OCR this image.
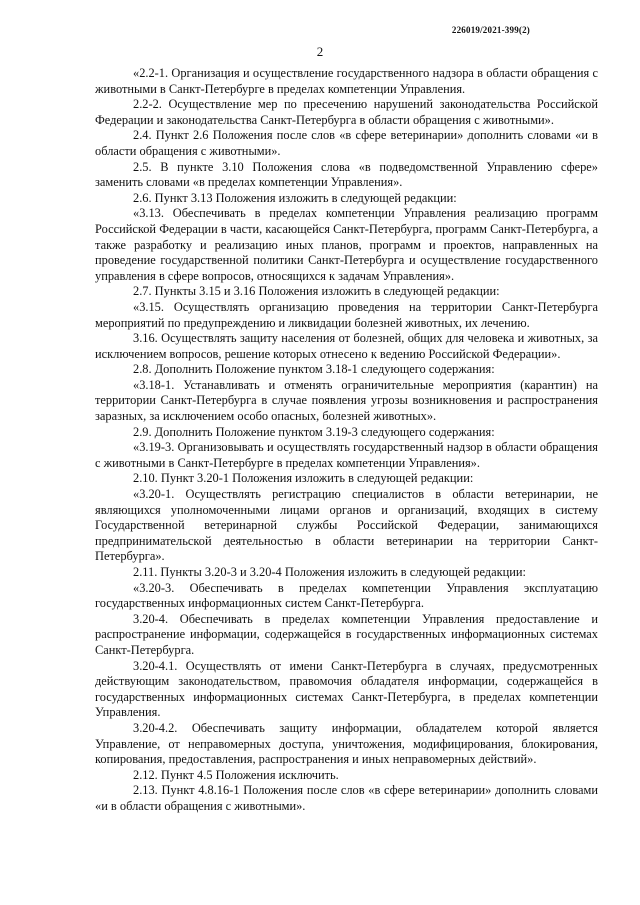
226019/2021-399(2)
2

«2.2-1. Организация и осуществление государственного надзора в области обращения с животными в Санкт-Петербурге в пределах компетенции Управления.

2.2-2. Осуществление мер по пресечению нарушений законодательства Российской Федерации и законодательства Санкт-Петербурга в области обращения с животными».

2.4. Пункт 2.6 Положения после слов «в сфере ветеринарии» дополнить словами «и в области обращения с животными».

2.5. В пункте 3.10 Положения слова «в подведомственной Управлению сфере» заменить словами «в пределах компетенции Управления».

2.6. Пункт 3.13 Положения изложить в следующей редакции:

«3.13. Обеспечивать в пределах компетенции Управления реализацию программ Российской Федерации в части, касающейся Санкт-Петербурга, программ Санкт-Петербурга, а также разработку и реализацию иных планов, программ и проектов, направленных на проведение государственной политики Санкт-Петербурга и осуществление государственного управления в сфере вопросов, относящихся к задачам Управления».

2.7. Пункты 3.15 и 3.16 Положения изложить в следующей редакции:

«3.15. Осуществлять организацию проведения на территории Санкт-Петербурга мероприятий по предупреждению и ликвидации болезней животных, их лечению.

3.16. Осуществлять защиту населения от болезней, общих для человека и животных, за исключением вопросов, решение которых отнесено к ведению Российской Федерации».

2.8. Дополнить Положение пунктом 3.18-1 следующего содержания:

«3.18-1. Устанавливать и отменять ограничительные мероприятия (карантин) на территории Санкт-Петербурга в случае появления угрозы возникновения и распространения заразных, за исключением особо опасных, болезней животных».

2.9. Дополнить Положение пунктом 3.19-3 следующего содержания:

«3.19-3. Организовывать и осуществлять государственный надзор в области обращения с животными в Санкт-Петербурге в пределах компетенции Управления».

2.10. Пункт 3.20-1 Положения изложить в следующей редакции:

«3.20-1. Осуществлять регистрацию специалистов в области ветеринарии, не являющихся уполномоченными лицами органов и организаций, входящих в систему Государственной ветеринарной службы Российской Федерации, занимающихся предпринимательской деятельностью в области ветеринарии на территории Санкт-Петербурга».

2.11. Пункты 3.20-3 и 3.20-4 Положения изложить в следующей редакции:

«3.20-3. Обеспечивать в пределах компетенции Управления эксплуатацию государственных информационных систем Санкт-Петербурга.

3.20-4. Обеспечивать в пределах компетенции Управления предоставление и распространение информации, содержащейся в государственных информационных системах Санкт-Петербурга.

3.20-4.1. Осуществлять от имени Санкт-Петербурга в случаях, предусмотренных действующим законодательством, правомочия обладателя информации, содержащейся в государственных информационных системах Санкт-Петербурга, в пределах компетенции Управления.

3.20-4.2. Обеспечивать защиту информации, обладателем которой является Управление, от неправомерных доступа, уничтожения, модифицирования, блокирования, копирования, предоставления, распространения и иных неправомерных действий».

2.12. Пункт 4.5 Положения исключить.

2.13. Пункт 4.8.16-1 Положения после слов «в сфере ветеринарии» дополнить словами «и в области обращения с животными».
